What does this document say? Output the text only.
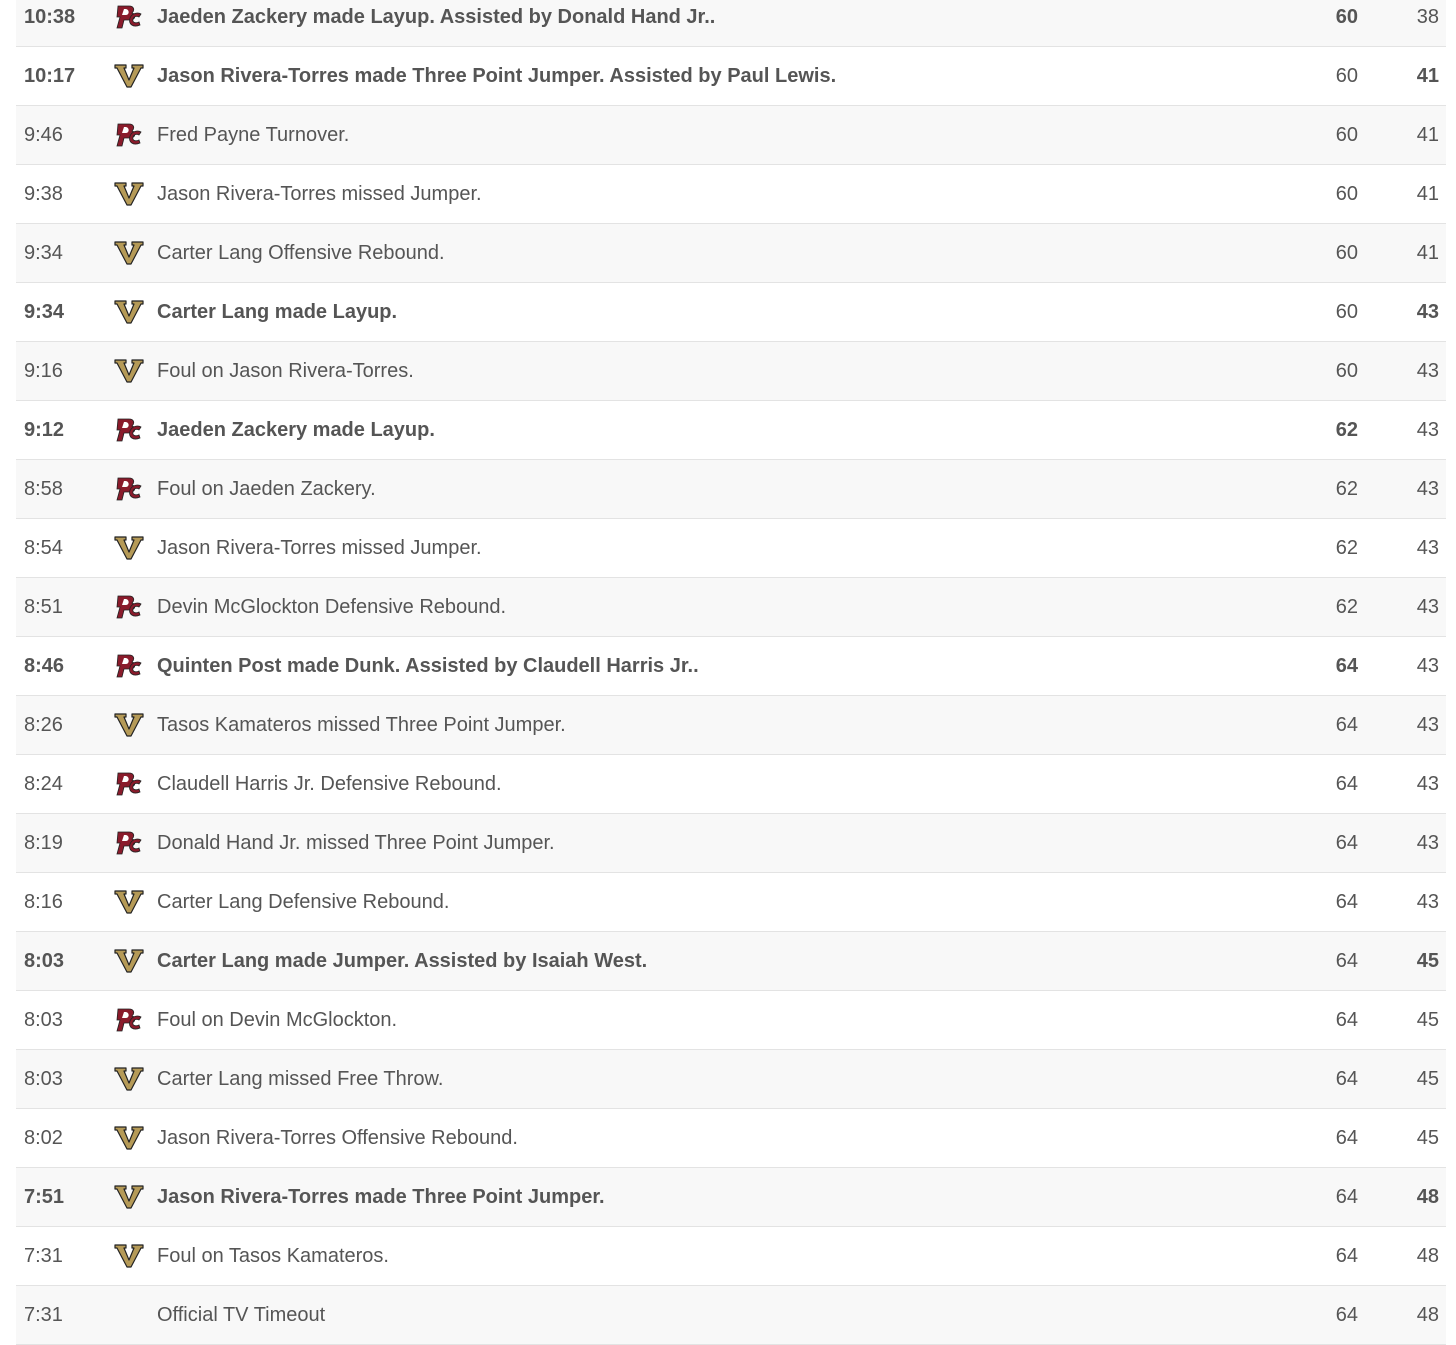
10:38	Jaeden Zackery made Layup. Assisted by Donald Hand Jr..	60	38
10:17	Jason Rivera-Torres made Three Point Jumper. Assisted by Paul Lewis.	60	41
9:46	Fred Payne Turnover.	60	41
9:38	Jason Rivera-Torres missed Jumper.	60	41
9:34	Carter Lang Offensive Rebound.	60	41
9:34	Carter Lang made Layup.	60	43
9:16	Foul on Jason Rivera-Torres.	60	43
9:12	Jaeden Zackery made Layup.	62	43
8:58	Foul on Jaeden Zackery.	62	43
8:54	Jason Rivera-Torres missed Jumper.	62	43
8:51	Devin McGlockton Defensive Rebound.	62	43
8:46	Quinten Post made Dunk. Assisted by Claudell Harris Jr..	64	43
8:26	Tasos Kamateros missed Three Point Jumper.	64	43
8:24	Claudell Harris Jr. Defensive Rebound.	64	43
8:19	Donald Hand Jr. missed Three Point Jumper.	64	43
8:16	Carter Lang Defensive Rebound.	64	43
8:03	Carter Lang made Jumper. Assisted by Isaiah West.	64	45
8:03	Foul on Devin McGlockton.	64	45
8:03	Carter Lang missed Free Throw.	64	45
8:02	Jason Rivera-Torres Offensive Rebound.	64	45
7:51	Jason Rivera-Torres made Three Point Jumper.	64	48
7:31	Foul on Tasos Kamateros.	64	48
7:31	Official TV Timeout	64	48
